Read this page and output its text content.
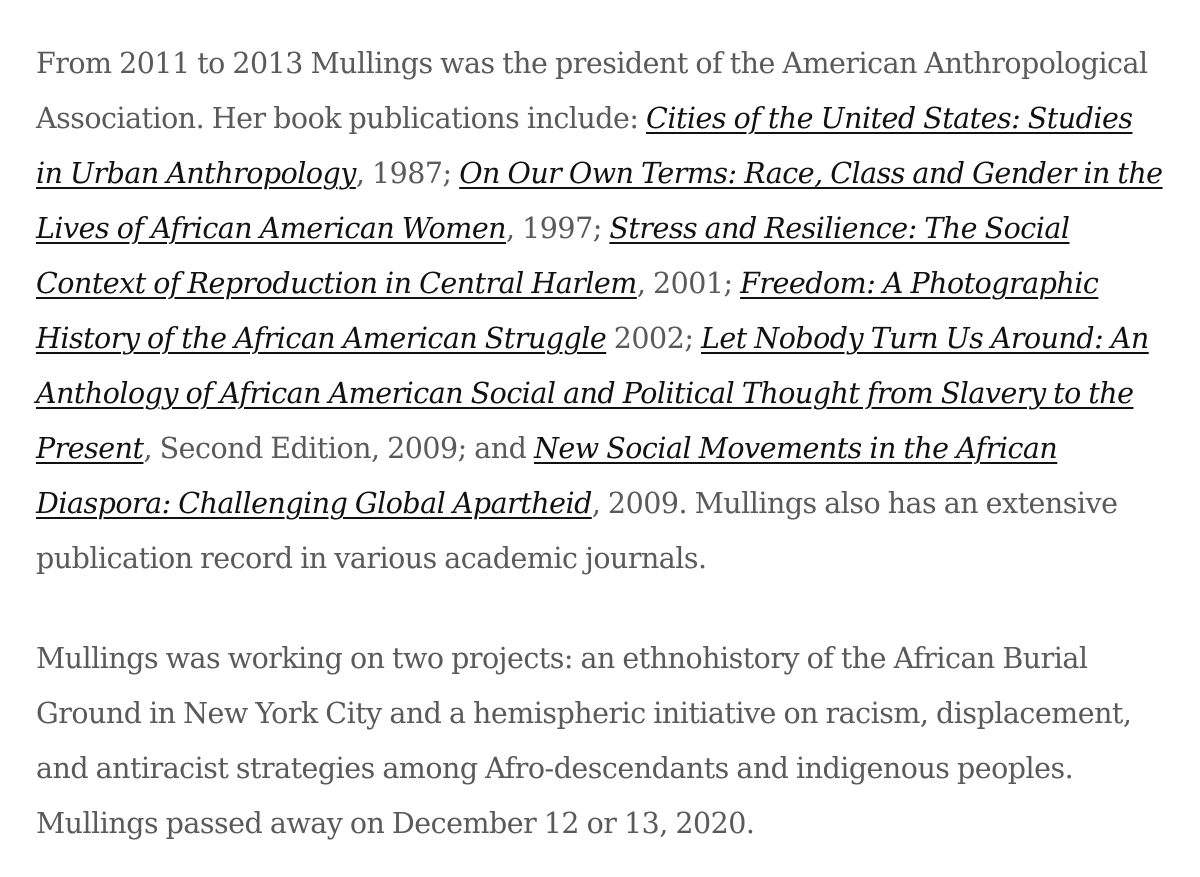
From 2011 to 2013 Mullings was the president of the American Anthropological Association. Her book publications include: Cities of the United States: Studies in Urban Anthropology, 1987; On Our Own Terms: Race, Class and Gender in the Lives of African American Women, 1997; Stress and Resilience: The Social Context of Reproduction in Central Harlem, 2001; Freedom: A Photographic History of the African American Struggle 2002; Let Nobody Turn Us Around: An Anthology of African American Social and Political Thought from Slavery to the Present, Second Edition, 2009; and New Social Movements in the African Diaspora: Challenging Global Apartheid, 2009. Mullings also has an extensive publication record in various academic journals.

Mullings was working on two projects: an ethnohistory of the African Burial Ground in New York City and a hemispheric initiative on racism, displacement, and antiracist strategies among Afro-descendants and indigenous peoples. Mullings passed away on December 12 or 13, 2020.
